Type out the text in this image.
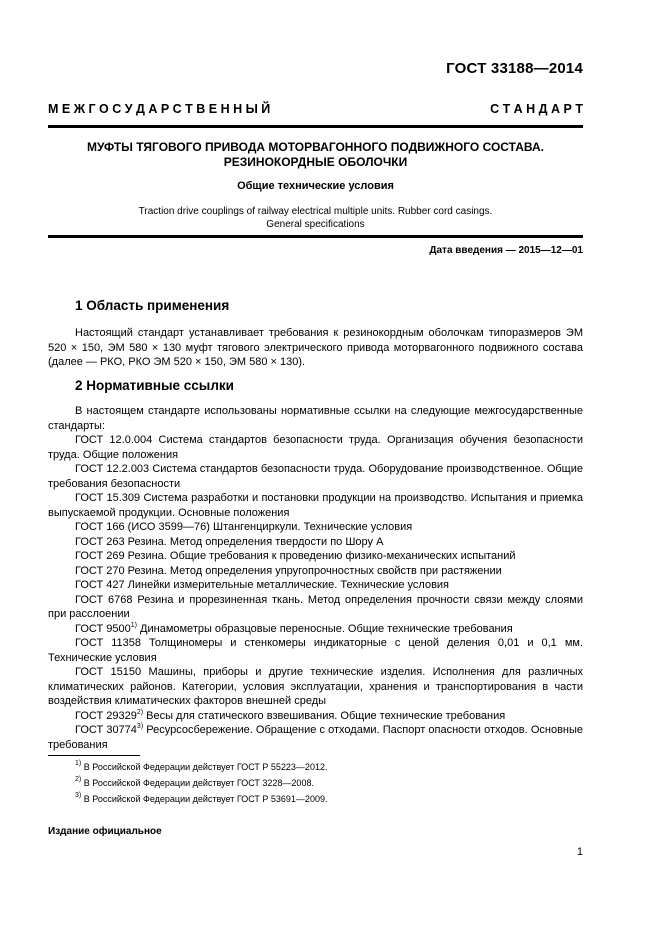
ГОСТ 33188—2014
М Е Ж Г О С У Д А Р С Т В Е Н Н Ы Й	С Т А Н Д А Р Т
МУФТЫ ТЯГОВОГО ПРИВОДА МОТОРВАГОННОГО ПОДВИЖНОГО СОСТАВА.
РЕЗИНОКОРДНЫЕ ОБОЛОЧКИ
Общие технические условия
Traction drive couplings of railway electrical multiple units. Rubber cord casings.
General specifications
Дата введения — 2015—12—01
1 Область применения
Настоящий стандарт устанавливает требования к резинокордным оболочкам типоразмеров ЭМ 520 × 150, ЭМ 580 × 130 муфт тягового электрического привода моторвагонного подвижного состава (далее — РКО, РКО ЭМ 520 × 150, ЭМ 580 × 130).
2 Нормативные ссылки

В настоящем стандарте использованы нормативные ссылки на следующие межгосударственные стандарты:

ГОСТ 12.0.004 Система стандартов безопасности труда. Организация обучения безопасности труда. Общие положения

ГОСТ 12.2.003 Система стандартов безопасности труда. Оборудование производственное. Общие требования безопасности

ГОСТ 15.309 Система разработки и постановки продукции на производство. Испытания и приемка выпускаемой продукции. Основные положения

ГОСТ 166 (ИСО 3599—76) Штангенциркули. Технические условия

ГОСТ 263 Резина. Метод определения твердости по Шору А

ГОСТ 269 Резина. Общие требования к проведению физико-механических испытаний

ГОСТ 270 Резина. Метод определения упругопрочностных свойств при растяжении

ГОСТ 427 Линейки измерительные металлические. Технические условия

ГОСТ 6768 Резина и прорезиненная ткань. Метод определения прочности связи между слоями при расслоении

ГОСТ 9500$^{1)}$ Динамометры образцовые переносные. Общие технические требования

ГОСТ 11358 Толщиномеры и стенкомеры индикаторные с ценой деления 0,01 и 0,1 мм. Технические условия

ГОСТ 15150 Машины, приборы и другие технические изделия. Исполнения для различных климатических районов. Категории, условия эксплуатации, хранения и транспортирования в части воздействия климатических факторов внешней среды

ГОСТ 29329$^{2)}$ Весы для статического взвешивания. Общие технические требования

ГОСТ 30774$^{3)}$ Ресурсосбережение. Обращение с отходами. Паспорт опасности отходов. Основные требования

$^{1)}$ В Российской Федерации действует ГОСТ Р 55223—2012.
$^{2)}$ В Российской Федерации действует ГОСТ 3228—2008.
$^{3)}$ В Российской Федерации действует ГОСТ Р 53691—2009.
Издание официальное
1
